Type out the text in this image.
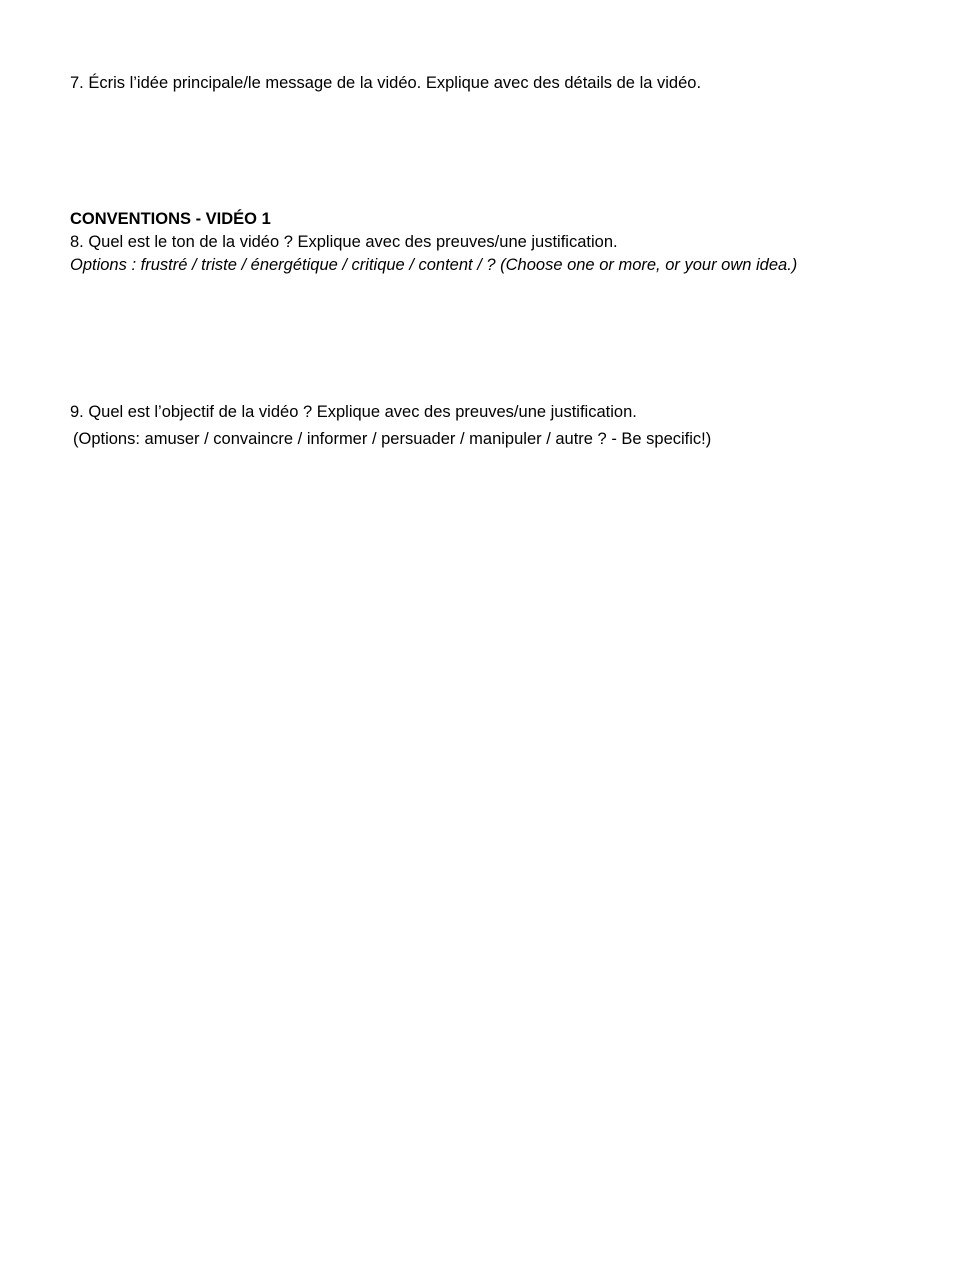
7. Écris l’idée principale/le message de la vidéo. Explique avec des détails de la vidéo.
CONVENTIONS - VIDÉO 1
8. Quel est le ton de la vidéo ? Explique avec des preuves/une justification.
Options : frustré / triste / énergétique / critique / content / ? (Choose one or more, or your own idea.)
9. Quel est l’objectif de la vidéo ? Explique avec des preuves/une justification.
(Options: amuser / convaincre / informer / persuader / manipuler / autre ? - Be specific!)
